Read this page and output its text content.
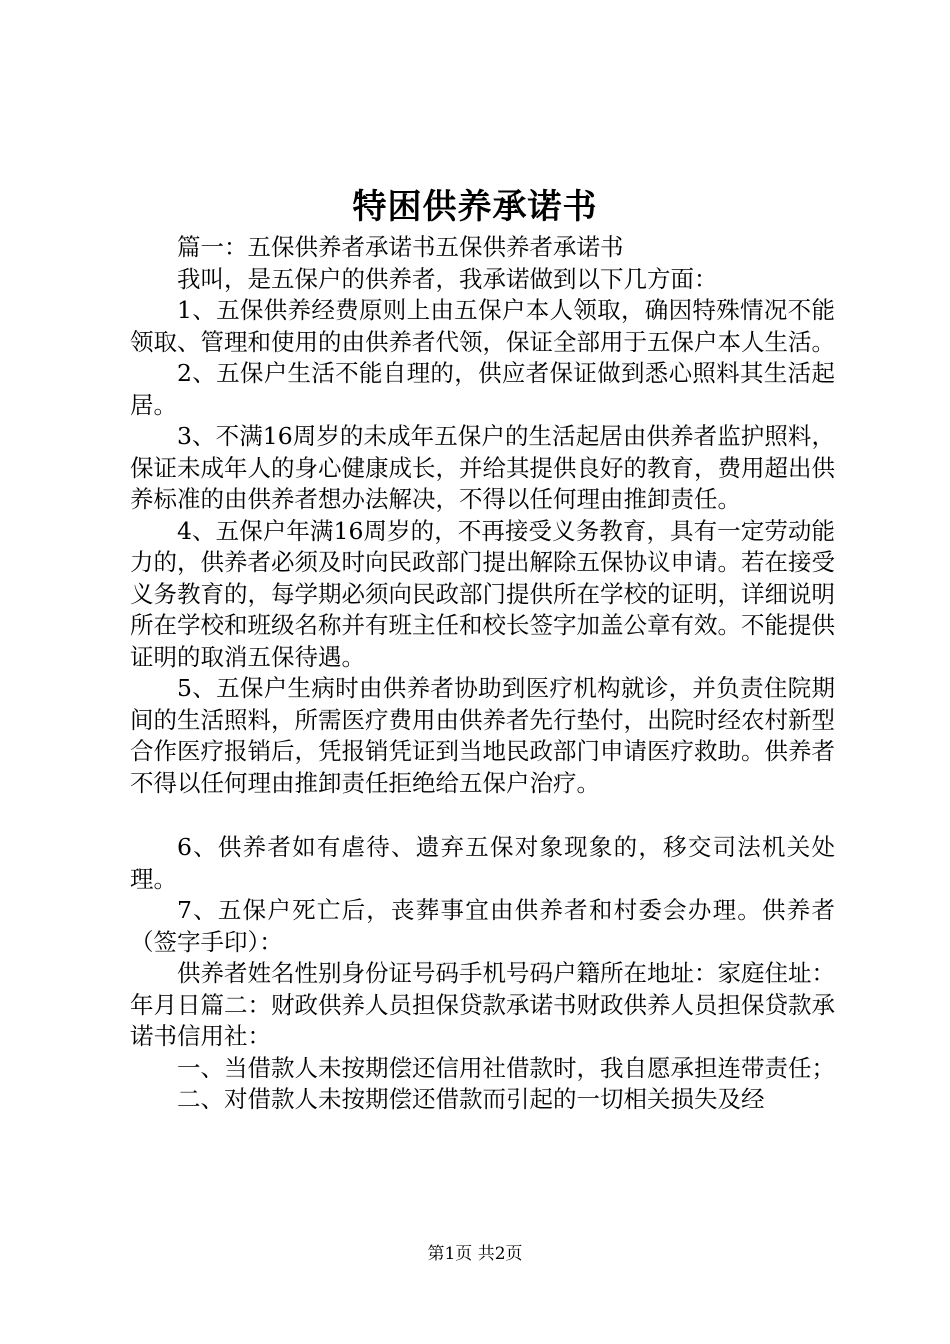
特困供养承诺书

篇一：五保供养者承诺书五保供养者承诺书

我叫，是五保户的供养者，我承诺做到以下几方面：

1、五保供养经费原则上由五保户本人领取，确因特殊情况不能领取、管理和使用的由供养者代领，保证全部用于五保户本人生活。

2、五保户生活不能自理的，供应者保证做到悉心照料其生活起居。

3、不满16周岁的未成年五保户的生活起居由供养者监护照料，保证未成年人的身心健康成长，并给其提供良好的教育，费用超出供养标准的由供养者想办法解决，不得以任何理由推卸责任。

4、五保户年满16周岁的，不再接受义务教育，具有一定劳动能力的，供养者必须及时向民政部门提出解除五保协议申请。若在接受义务教育的，每学期必须向民政部门提供所在学校的证明，详细说明所在学校和班级名称并有班主任和校长签字加盖公章有效。不能提供证明的取消五保待遇。

5、五保户生病时由供养者协助到医疗机构就诊，并负责住院期间的生活照料，所需医疗费用由供养者先行垫付，出院时经农村新型合作医疗报销后，凭报销凭证到当地民政部门申请医疗救助。供养者不得以任何理由推卸责任拒绝给五保户治疗。

6、供养者如有虐待、遗弃五保对象现象的，移交司法机关处理。

7、五保户死亡后，丧葬事宜由供养者和村委会办理。供养者（签字手印）：

供养者姓名性别身份证号码手机号码户籍所在地址：家庭住址：年月日篇二：财政供养人员担保贷款承诺书财政供养人员担保贷款承诺书信用社：

一、当借款人未按期偿还信用社借款时，我自愿承担连带责任；

二、对借款人未按期偿还借款而引起的一切相关损失及经

第1页 共2页
